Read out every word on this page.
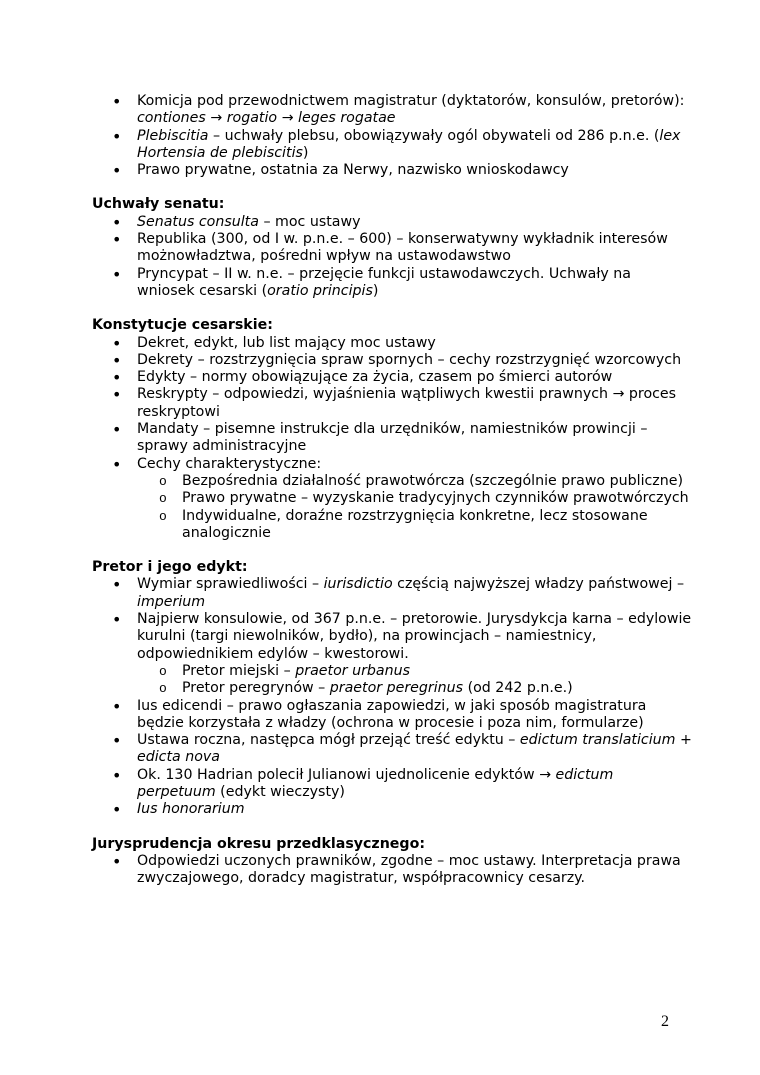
• Komicja pod przewodnictwem magistratur (dyktatorów, konsulów, pretorów): contiones → rogatio → leges rogatae
• Plebiscitia – uchwały plebsu, obowiązywały ogól obywateli od 286 p.n.e. (lex Hortensia de plebiscitis)
• Prawo prywatne, ostatnia za Nerwy, nazwisko wnioskodawcy
Uchwały senatu:
• Senatus consulta – moc ustawy
• Republika (300, od I w. p.n.e. – 600) – konserwatywny wykładnik interesów możnowładztwa, pośredni wpływ na ustawodawstwo
• Pryncypat – II w. n.e. – przejęcie funkcji ustawodawczych. Uchwały na wniosek cesarski (oratio principis)
Konstytucje cesarskie:
• Dekret, edykt, lub list mający moc ustawy
• Dekrety – rozstrzygnięcia spraw spornych – cechy rozstrzygnięć wzorcowych
• Edykty – normy obowiązujące za życia, czasem po śmierci autorów
• Reskrypty – odpowiedzi, wyjaśnienia wątpliwych kwestii prawnych → proces reskryptowi
• Mandaty – pisemne instrukcje dla urzędników, namiestników prowincji – sprawy administracyjne
• Cechy charakterystyczne:
o Bezpośrednia działalność prawotwórcza (szczególnie prawo publiczne)
o Prawo prywatne – wyzyskanie tradycyjnych czynników prawotwórczych
o Indywidualne, doraźne rozstrzygnięcia konkretne, lecz stosowane analogicznie
Pretor i jego edykt:
• Wymiar sprawiedliwości – iurisdictio częścią najwyższej władzy państwowej – imperium
• Najpierw konsulowie, od 367 p.n.e. – pretorowie. Jurysdykcja karna – edylowie kurulni (targi niewolników, bydło), na prowincjach – namiestnicy, odpowiednikiem edylów – kwestorowi.
o Pretor miejski – praetor urbanus
o Pretor peregrynów – praetor peregrinus (od 242 p.n.e.)
• Ius edicendi – prawo ogłaszania zapowiedzi, w jaki sposób magistratura będzie korzystała z władzy (ochrona w procesie i poza nim, formularze)
• Ustawa roczna, następca mógł przejąć treść edyktu – edictum translaticium + edicta nova
• Ok. 130 Hadrian polecił Julianowi ujednolicenie edyktów → edictum perpetuum (edykt wieczysty)
• Ius honorarium
Jurysprudencja okresu przedklasycznego:
• Odpowiedzi uczonych prawników, zgodne – moc ustawy. Interpretacja prawa zwyczajowego, doradcy magistratur, współpracownicy cesarzy.
2
